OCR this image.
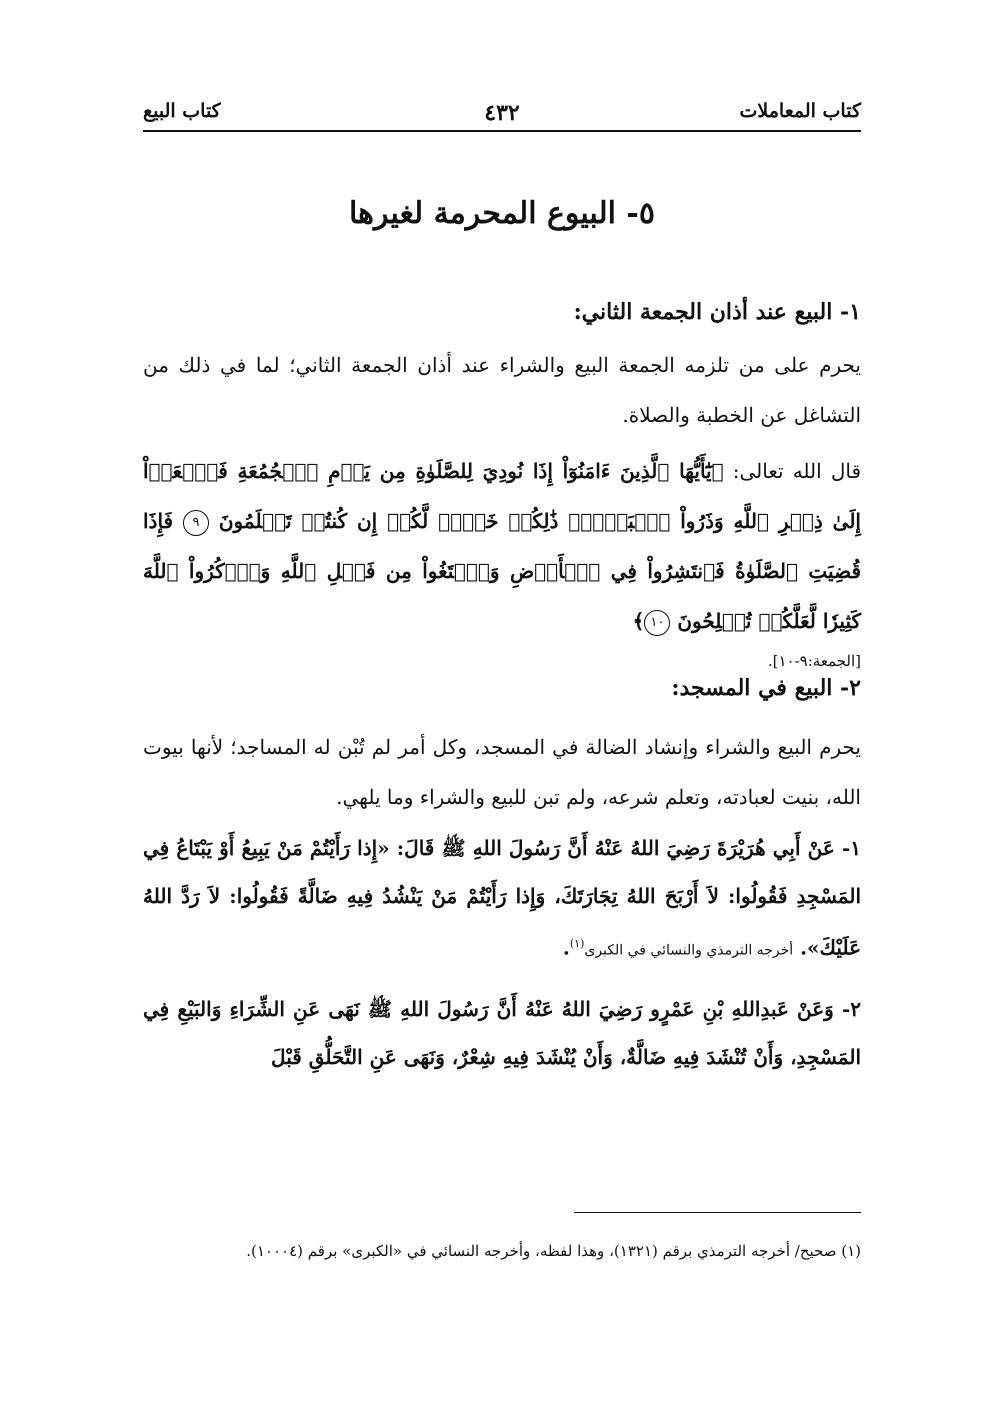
كتاب المعاملات
٤٣٢
كتاب البيع
٥- البيوع المحرمة لغيرها
١- البيع عند أذان الجمعة الثاني:

يحرم على من تلزمه الجمعة البيع والشراء عند أذان الجمعة الثاني؛ لما في ذلك من التشاغل عن الخطبة والصلاة.

قال الله تعالى: ﴿يَٰٓأَيُّهَا ٱلَّذِينَ ءَامَنُوٓاْ إِذَا نُودِيَ لِلصَّلَوٰةِ مِن يَوۡمِ ٱلۡجُمُعَةِ فَٱسۡعَوۡاْ إِلَىٰ ذِكۡرِ ٱللَّهِ وَذَرُواْ ٱلۡبَيۡعَۚ ذَٰلِكُمۡ خَيۡرٞ لَّكُمۡ إِن كُنتُمۡ تَعۡلَمُونَ ٩ فَإِذَا قُضِيَتِ ٱلصَّلَوٰةُ فَٱنتَشِرُواْ فِي ٱلۡأَرۡضِ وَٱبۡتَغُواْ مِن فَضۡلِ ٱللَّهِ وَٱذۡكُرُواْ ٱللَّهَ كَثِيرٗا لَّعَلَّكُمۡ تُفۡلِحُونَ ١٠﴾

[الجمعة:٩-١٠].

٢- البيع في المسجد:

يحرم البيع والشراء وإنشاد الضالة في المسجد، وكل أمر لم تُبْن له المساجد؛ لأنها بيوت الله، بنيت لعبادته، وتعلم شرعه، ولم تبن للبيع والشراء وما يلهي.

١- عَنْ أَبِي هُرَيْرَةَ رَضِيَ اللهُ عَنْهُ أَنَّ رَسُولَ اللهِ ﷺ قَالَ: «إِذا رَأَيْتُمْ مَنْ يَبِيعُ أَوْ يَبْتَاعُ فِي المَسْجِدِ فَقُولُوا: لاَ أَرْبَحَ اللهُ تِجَارَتَكَ، وَإِذا رَأَيْتُمْ مَنْ يَنْشُدُ فِيهِ ضَالَّةً فَقُولُوا: لاَ رَدَّ اللهُ عَلَيْكَ». أخرجه الترمذي والنسائي في الكبرى$^{(١)}$.

٢- وَعَنْ عَبدِاللهِ بْنِ عَمْرٍو رَضِيَ اللهُ عَنْهُ أَنَّ رَسُولَ اللهِ ﷺ نَهَى عَنِ الشِّرَاءِ وَالبَيْعِ فِي المَسْجِدِ، وَأَنْ تُنْشَدَ فِيهِ ضَالَّةٌ، وَأَنْ يُنْشَدَ فِيهِ شِعْرٌ، وَنَهَى عَنِ التَّحَلُّقِ قَبْلَ

(١) صحيح/ أخرجه الترمذي برقم (١٣٢١)، وهذا لفظه، وأخرجه النسائي في «الكبرى» برقم (١٠٠٠٤).
